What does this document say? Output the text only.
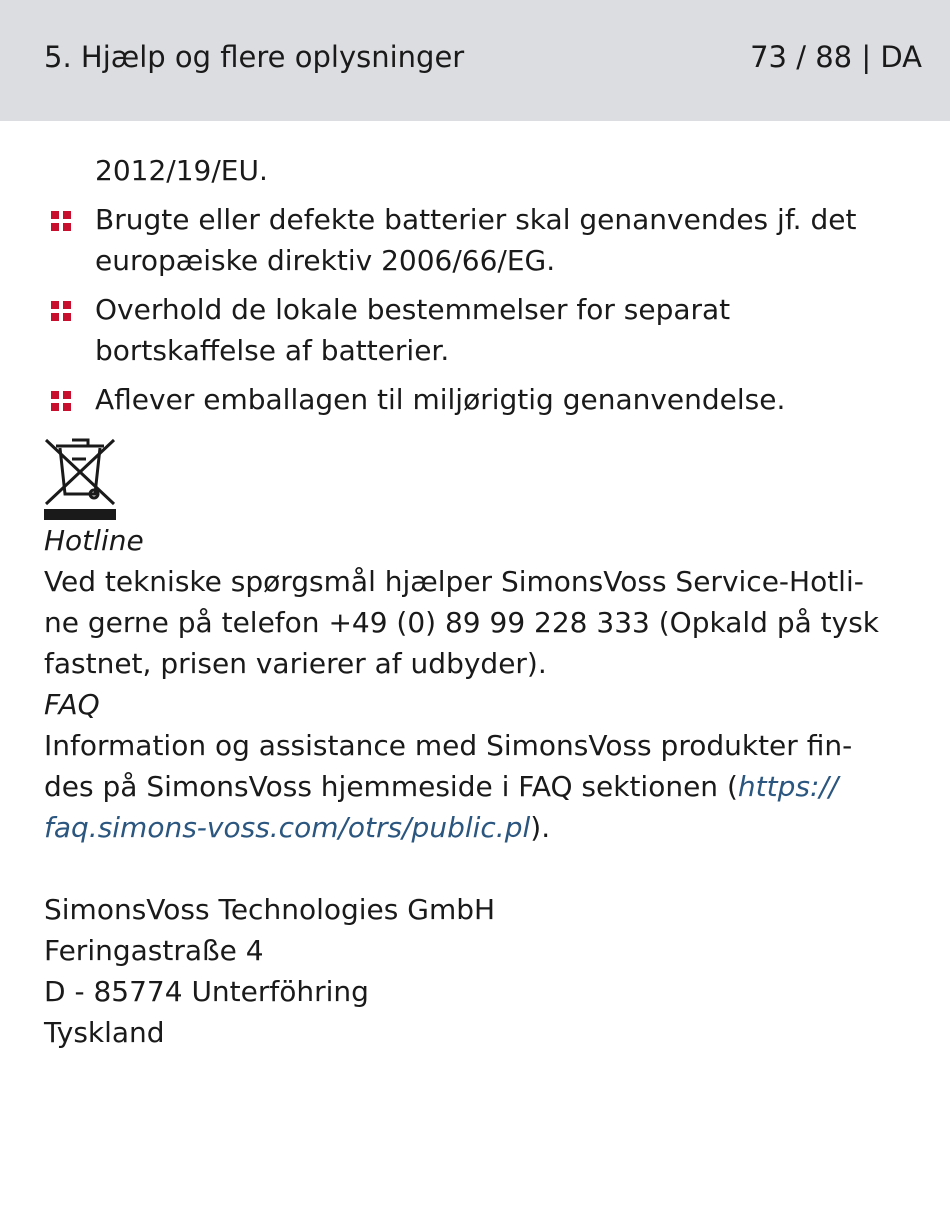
5. Hjælp og flere oplysninger	73 / 88 | DA
2012/19/EU.
Brugte eller defekte batterier skal genanvendes jf. det
europæiske direktiv 2006/66/EG.
Overhold de lokale bestemmelser for separat
bortskaffelse af batterier.
Aflever emballagen til miljørigtig genanvendelse.
Hotline
Ved tekniske spørgsmål hjælper SimonsVoss Service-Hotli-
ne gerne på telefon +49 (0) 89 99 228 333 (Opkald på tysk
fastnet, prisen varierer af udbyder).
FAQ
Information og assistance med SimonsVoss produkter fin-
des på SimonsVoss hjemmeside i FAQ sektionen (https://
faq.simons-voss.com/otrs/public.pl).
SimonsVoss Technologies GmbH
Feringastraße 4
D - 85774 Unterföhring
Tyskland
